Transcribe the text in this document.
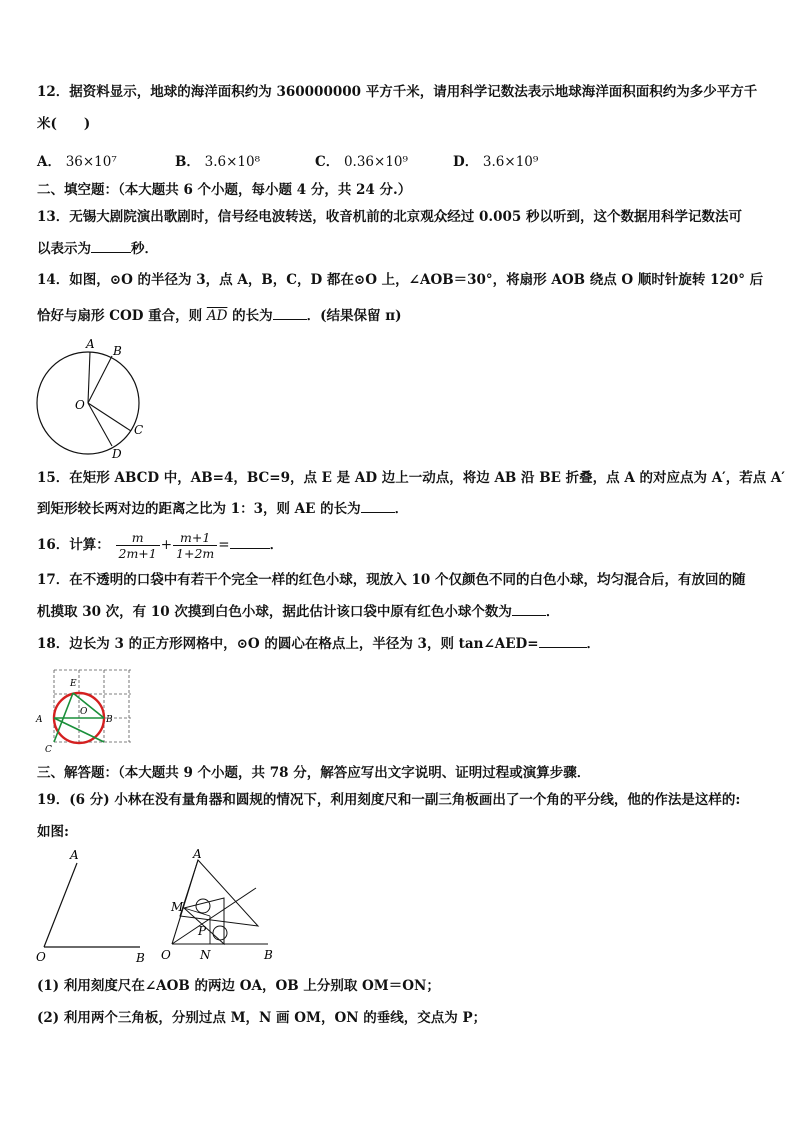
12．据资料显示，地球的海洋面积约为 360000000 平方千米，请用科学记数法表示地球海洋面积面积约为多少平方千
米(　　)
A． 36×10⁷	B． 3.6×10⁸	C． 0.36×10⁹	D． 3.6×10⁹
二、填空题：（本大题共 6 个小题，每小题 4 分，共 24 分.）
13．无锡大剧院演出歌剧时，信号经电波转送，收音机前的北京观众经过 0.005 秒以听到，这个数据用科学记数法可
以表示为	秒．
14．如图，⊙O 的半径为 3，点 A，B，C，D 都在⊙O 上，∠AOB＝30°，将扇形 AOB 绕点 O 顺时针旋转 120° 后
恰好与扇形 COD 重合，则 $\overline{AD}$ 的长为	．(结果保留 π)
A B
C
D
O
15．在矩形 ABCD 中，AB=4，BC=9，点 E 是 AD 边上一动点，将边 AB 沿 BE 折叠，点 A 的对应点为 A′，若点 A′
到矩形较长两对边的距离之比为 1：3，则 AE 的长为	．
16．计算： $\frac{m}{2m+1} + \frac{m+1}{1+2m}$ =	．
17．在不透明的口袋中有若干个完全一样的红色小球，现放入 10 个仅颜色不同的白色小球，均匀混合后，有放回的随
机摸取 30 次，有 10 次摸到白色小球，据此估计该口袋中原有红色小球个数为	．
18．边长为 3 的正方形网格中，⊙O 的圆心在格点上，半径为 3，则 tan∠AED=	．
E
O
A	B
C
三、解答题：（本大题共 9 个小题，共 78 分，解答应写出文字说明、证明过程或演算步骤．
19．(6 分) 小林在没有量角器和圆规的情况下，利用刻度尺和一副三角板画出了一个角的平分线，他的作法是这样的:
如图:
A
O	B
A
M
P
O N	B
(1) 利用刻度尺在∠AOB 的两边 OA，OB 上分别取 OM＝ON；
(2) 利用两个三角板，分别过点 M，N 画 OM，ON 的垂线，交点为 P；
